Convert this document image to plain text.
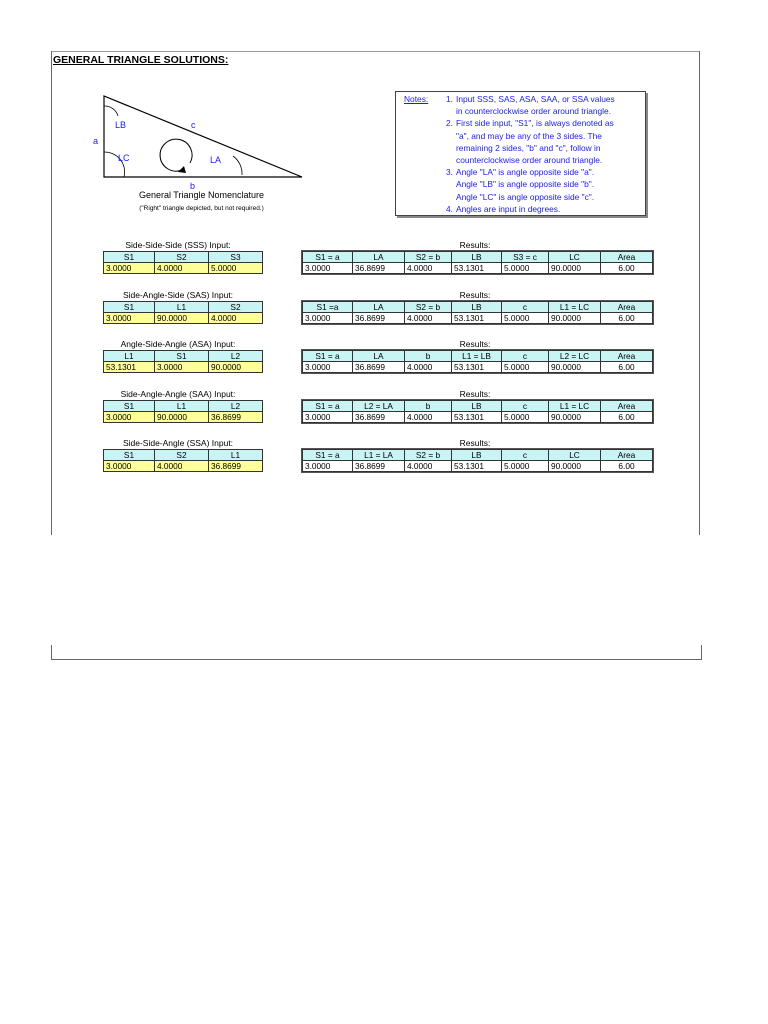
GENERAL TRIANGLE SOLUTIONS:
a
c
b
LB
LC	LA
General Triangle Nomenclature
("Right" triangle depicted, but not required.)
Notes:	1. Input SSS, SAS, ASA, SAA, or SSA values
in counterclockwise order around triangle.
2. First side input, "S1", is always denoted as
"a", and may be any of the 3 sides. The
remaining 2 sides, "b" and "c", follow in
counterclockwise order around triangle.
3. Angle "LA" is angle opposite side "a".
Angle "LB" is angle opposite side "b".
Angle "LC" is angle opposite side "c".
4. Angles are input in degrees.
Side-Side-Side (SSS) Input:	Results:
S1	S2	S3
3.0000	4.0000	5.0000
S1 = a	LA	S2 = b	LB	S3 = c	LC	Area
3.0000	36.8699	4.0000	53.1301	5.0000	90.0000	6.00
Side-Angle-Side (SAS) Input:	Results:
S1	L1	S2
3.0000	90.0000	4.0000
S1 =a	LA	S2 = b	LB	c	L1 = LC	Area
3.0000	36.8699	4.0000	53.1301	5.0000	90.0000	6.00
Angle-Side-Angle (ASA) Input:	Results:
L1	S1	L2
53.1301	3.0000	90.0000
S1 = a	LA	b	L1 = LB	c	L2 = LC	Area
3.0000	36.8699	4.0000	53.1301	5.0000	90.0000	6.00
Side-Angle-Angle (SAA) Input:	Results:
S1	L1	L2
3.0000	90.0000	36.8699
S1 = a	L2 = LA	b	LB	c	L1 = LC	Area
3.0000	36.8699	4.0000	53.1301	5.0000	90.0000	6.00
Side-Side-Angle (SSA) Input:	Results:
S1	S2	L1
3.0000	4.0000	36.8699
S1 = a	L1 = LA	S2 = b	LB	c	LC	Area
3.0000	36.8699	4.0000	53.1301	5.0000	90.0000	6.00
